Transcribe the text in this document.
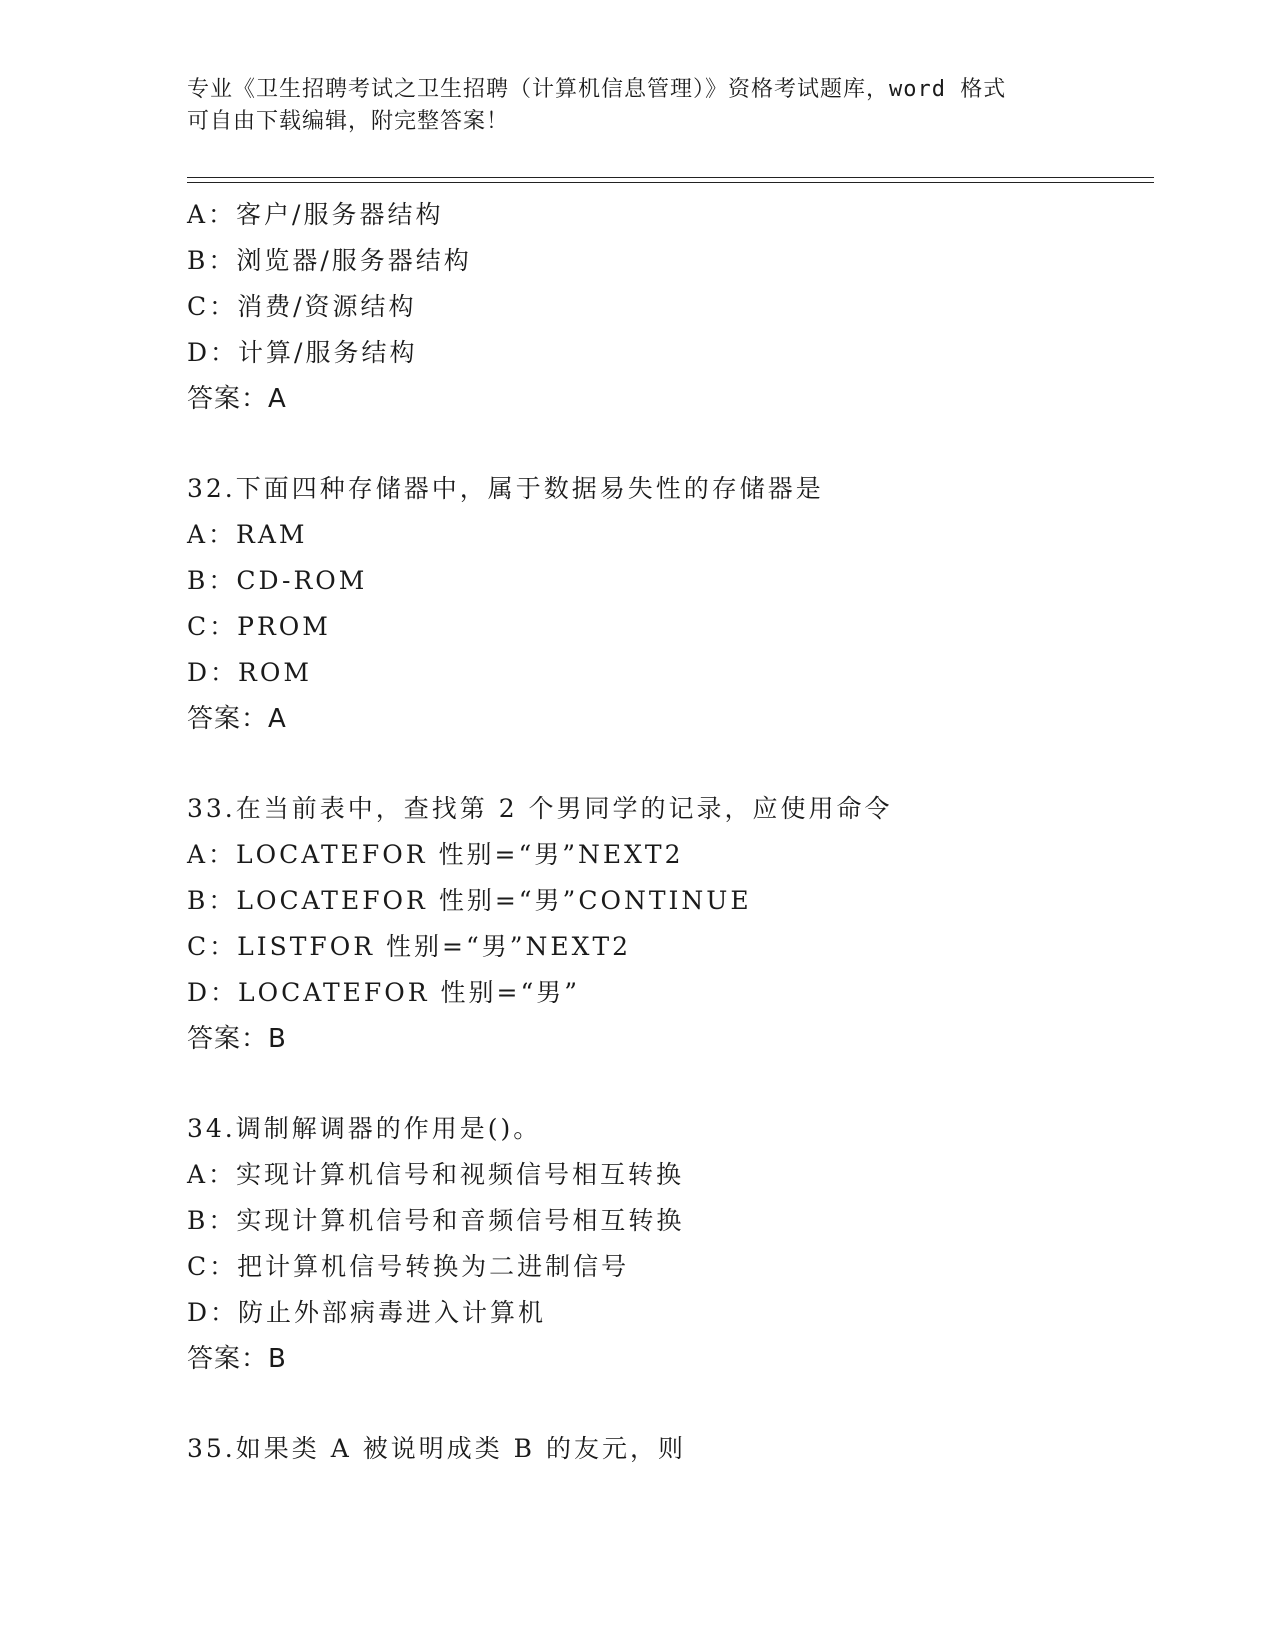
专业《卫生招聘考试之卫生招聘（计算机信息管理）》资格考试题库，word 格式
可自由下载编辑，附完整答案！
A：客户/服务器结构
B：浏览器/服务器结构
C：消费/资源结构
D：计算/服务结构
答案：A
32.下面四种存储器中，属于数据易失性的存储器是
A：RAM
B：CD-ROM
C：PROM
D：ROM
答案：A
33.在当前表中，查找第 2 个男同学的记录，应使用命令
A：LOCATEFOR 性别=“男”NEXT2
B：LOCATEFOR 性别=“男”CONTINUE
C：LISTFOR 性别=“男”NEXT2
D：LOCATEFOR 性别=“男”
答案：B
34.调制解调器的作用是()。
A：实现计算机信号和视频信号相互转换
B：实现计算机信号和音频信号相互转换
C：把计算机信号转换为二进制信号
D：防止外部病毒进入计算机
答案：B
35.如果类 A 被说明成类 B 的友元，则
